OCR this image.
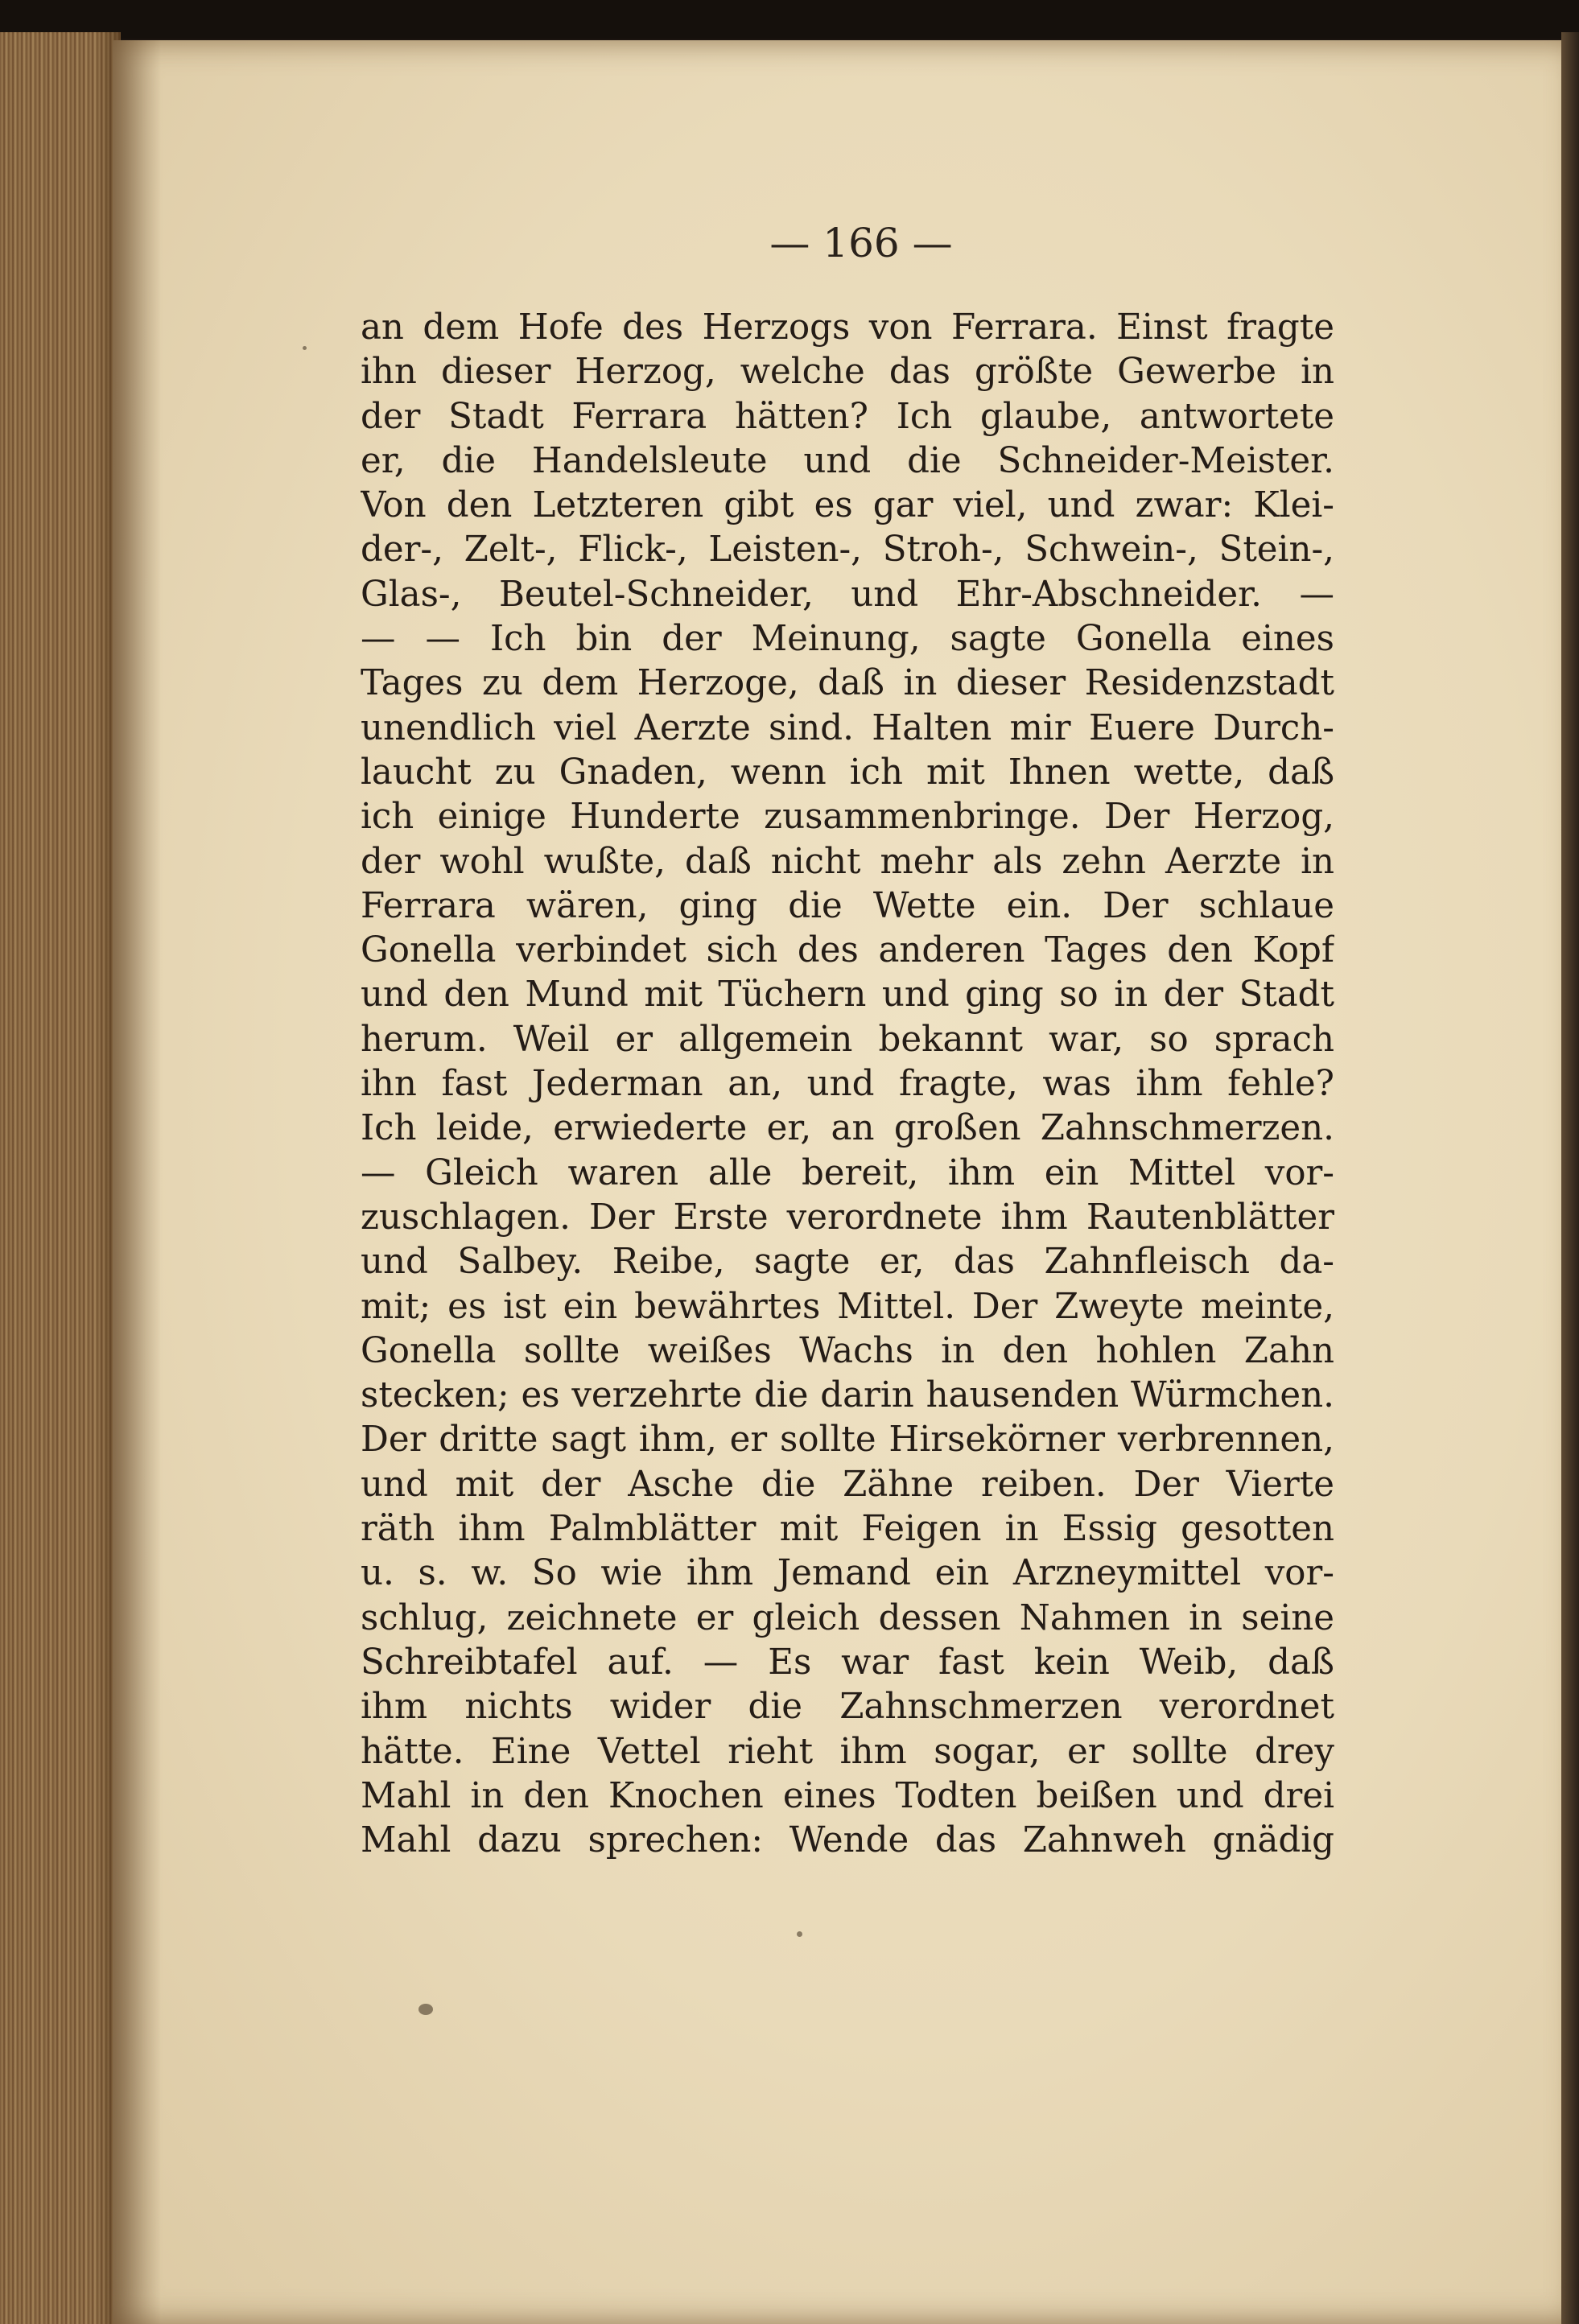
— 166 —
an dem Hofe des Herzogs von Ferrara. Einst fragte
ihn dieser Herzog, welche das größte Gewerbe in
der Stadt Ferrara hätten? Ich glaube, antwortete
er, die Handelsleute und die Schneider-Meister.
Von den Letzteren gibt es gar viel, und zwar: Klei-
der-, Zelt-, Flick-, Leisten-, Stroh-, Schwein-, Stein-,
Glas-, Beutel-Schneider, und Ehr-Abschneider. —
— — Ich bin der Meinung, sagte Gonella eines
Tages zu dem Herzoge, daß in dieser Residenzstadt
unendlich viel Aerzte sind. Halten mir Euere Durch-
laucht zu Gnaden, wenn ich mit Ihnen wette, daß
ich einige Hunderte zusammenbringe. Der Herzog,
der wohl wußte, daß nicht mehr als zehn Aerzte in
Ferrara wären, ging die Wette ein. Der schlaue
Gonella verbindet sich des anderen Tages den Kopf
und den Mund mit Tüchern und ging so in der Stadt
herum. Weil er allgemein bekannt war, so sprach
ihn fast Jederman an, und fragte, was ihm fehle?
Ich leide, erwiederte er, an großen Zahnschmerzen.
— Gleich waren alle bereit, ihm ein Mittel vor-
zuschlagen. Der Erste verordnete ihm Rautenblätter
und Salbey. Reibe, sagte er, das Zahnfleisch da-
mit; es ist ein bewährtes Mittel. Der Zweyte meinte,
Gonella sollte weißes Wachs in den hohlen Zahn
stecken; es verzehrte die darin hausenden Würmchen.
Der dritte sagt ihm, er sollte Hirsekörner verbrennen,
und mit der Asche die Zähne reiben. Der Vierte
räth ihm Palmblätter mit Feigen in Essig gesotten
u. s. w. So wie ihm Jemand ein Arzneymittel vor-
schlug, zeichnete er gleich dessen Nahmen in seine
Schreibtafel auf. — Es war fast kein Weib, daß
ihm nichts wider die Zahnschmerzen verordnet
hätte. Eine Vettel rieht ihm sogar, er sollte drey
Mahl in den Knochen eines Todten beißen und drei
Mahl dazu sprechen: Wende das Zahnweh gnädig
